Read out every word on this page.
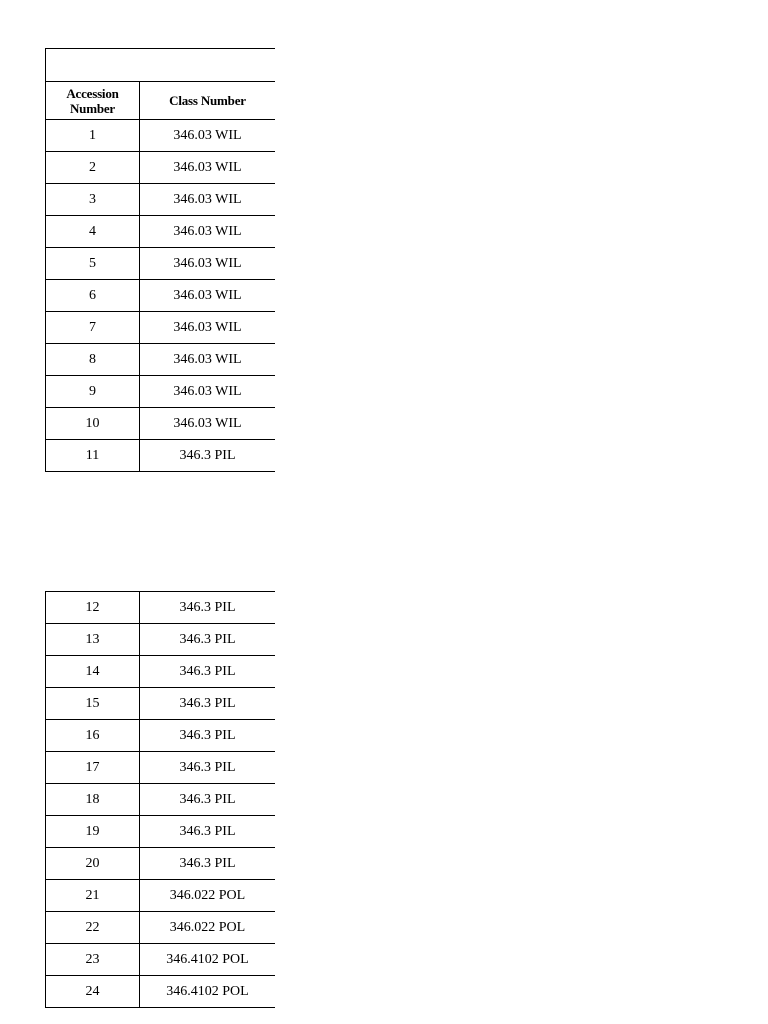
Accession Number	Class Number
1	346.03 WIL
2	346.03 WIL
3	346.03 WIL
4	346.03 WIL
5	346.03 WIL
6	346.03 WIL
7	346.03 WIL
8	346.03 WIL
9	346.03 WIL
10	346.03 WIL
11	346.3 PIL
12	346.3 PIL
13	346.3 PIL
14	346.3 PIL
15	346.3 PIL
16	346.3 PIL
17	346.3 PIL
18	346.3 PIL
19	346.3 PIL
20	346.3 PIL
21	346.022 POL
22	346.022 POL
23	346.4102 POL
24	346.4102 POL
